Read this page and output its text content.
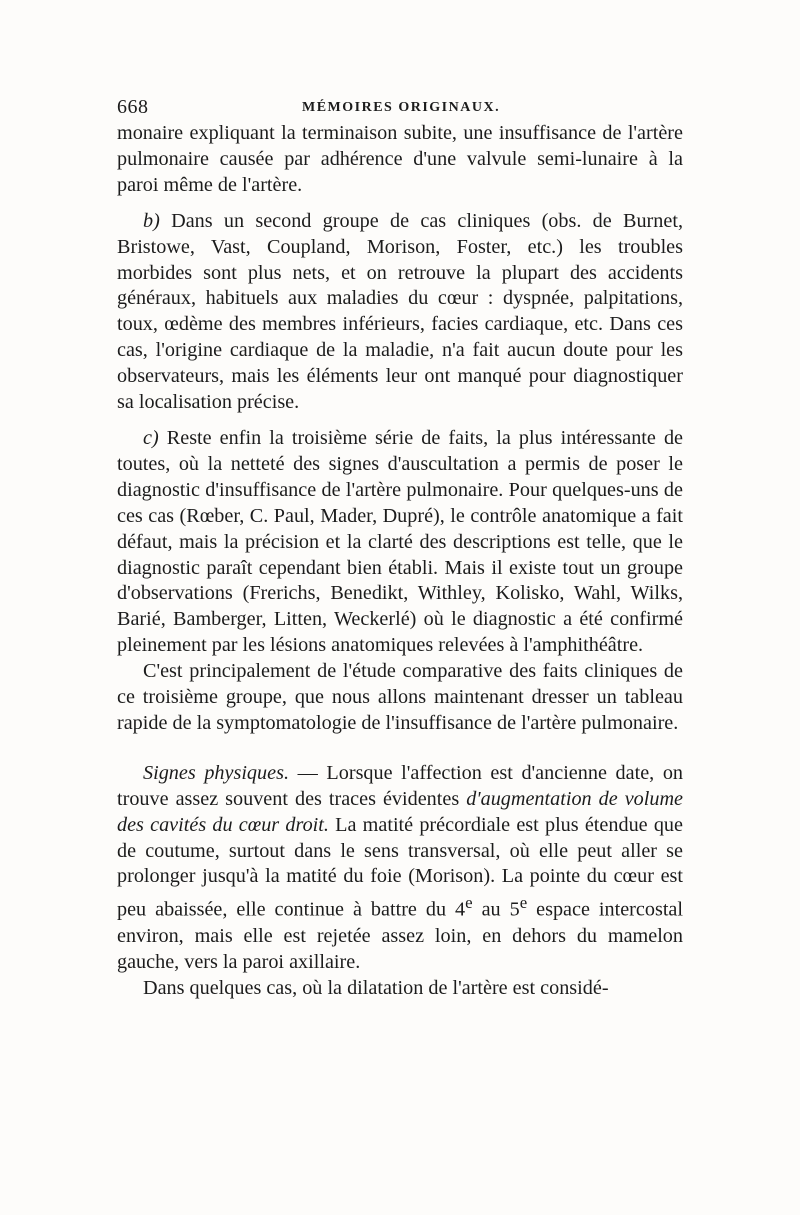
668	MÉMOIRES ORIGINAUX.

monaire expliquant la terminaison subite, une insuffisance de l'artère pulmonaire causée par adhérence d'une valvule semi-lunaire à la paroi même de l'artère.

b) Dans un second groupe de cas cliniques (obs. de Burnet, Bristowe, Vast, Coupland, Morison, Foster, etc.) les troubles morbides sont plus nets, et on retrouve la plupart des accidents généraux, habituels aux maladies du cœur : dyspnée, palpitations, toux, œdème des membres inférieurs, facies cardiaque, etc. Dans ces cas, l'origine cardiaque de la maladie, n'a fait aucun doute pour les observateurs, mais les éléments leur ont manqué pour diagnostiquer sa localisation précise.

c) Reste enfin la troisième série de faits, la plus intéressante de toutes, où la netteté des signes d'auscultation a permis de poser le diagnostic d'insuffisance de l'artère pulmonaire. Pour quelques-uns de ces cas (Rœber, C. Paul, Mader, Dupré), le contrôle anatomique a fait défaut, mais la précision et la clarté des descriptions est telle, que le diagnostic paraît cependant bien établi. Mais il existe tout un groupe d'observations (Frerichs, Benedikt, Withley, Kolisko, Wahl, Wilks, Barié, Bamberger, Litten, Weckerlé) où le diagnostic a été confirmé pleinement par les lésions anatomiques relevées à l'amphithéâtre.

C'est principalement de l'étude comparative des faits cliniques de ce troisième groupe, que nous allons maintenant dresser un tableau rapide de la symptomatologie de l'insuffisance de l'artère pulmonaire.

Signes physiques. — Lorsque l'affection est d'ancienne date, on trouve assez souvent des traces évidentes d'augmentation de volume des cavités du cœur droit. La matité précordiale est plus étendue que de coutume, surtout dans le sens transversal, où elle peut aller se prolonger jusqu'à la matité du foie (Morison). La pointe du cœur est peu abaissée, elle continue à battre du 4e au 5e espace intercostal environ, mais elle est rejetée assez loin, en dehors du mamelon gauche, vers la paroi axillaire.

Dans quelques cas, où la dilatation de l'artère est considé-
